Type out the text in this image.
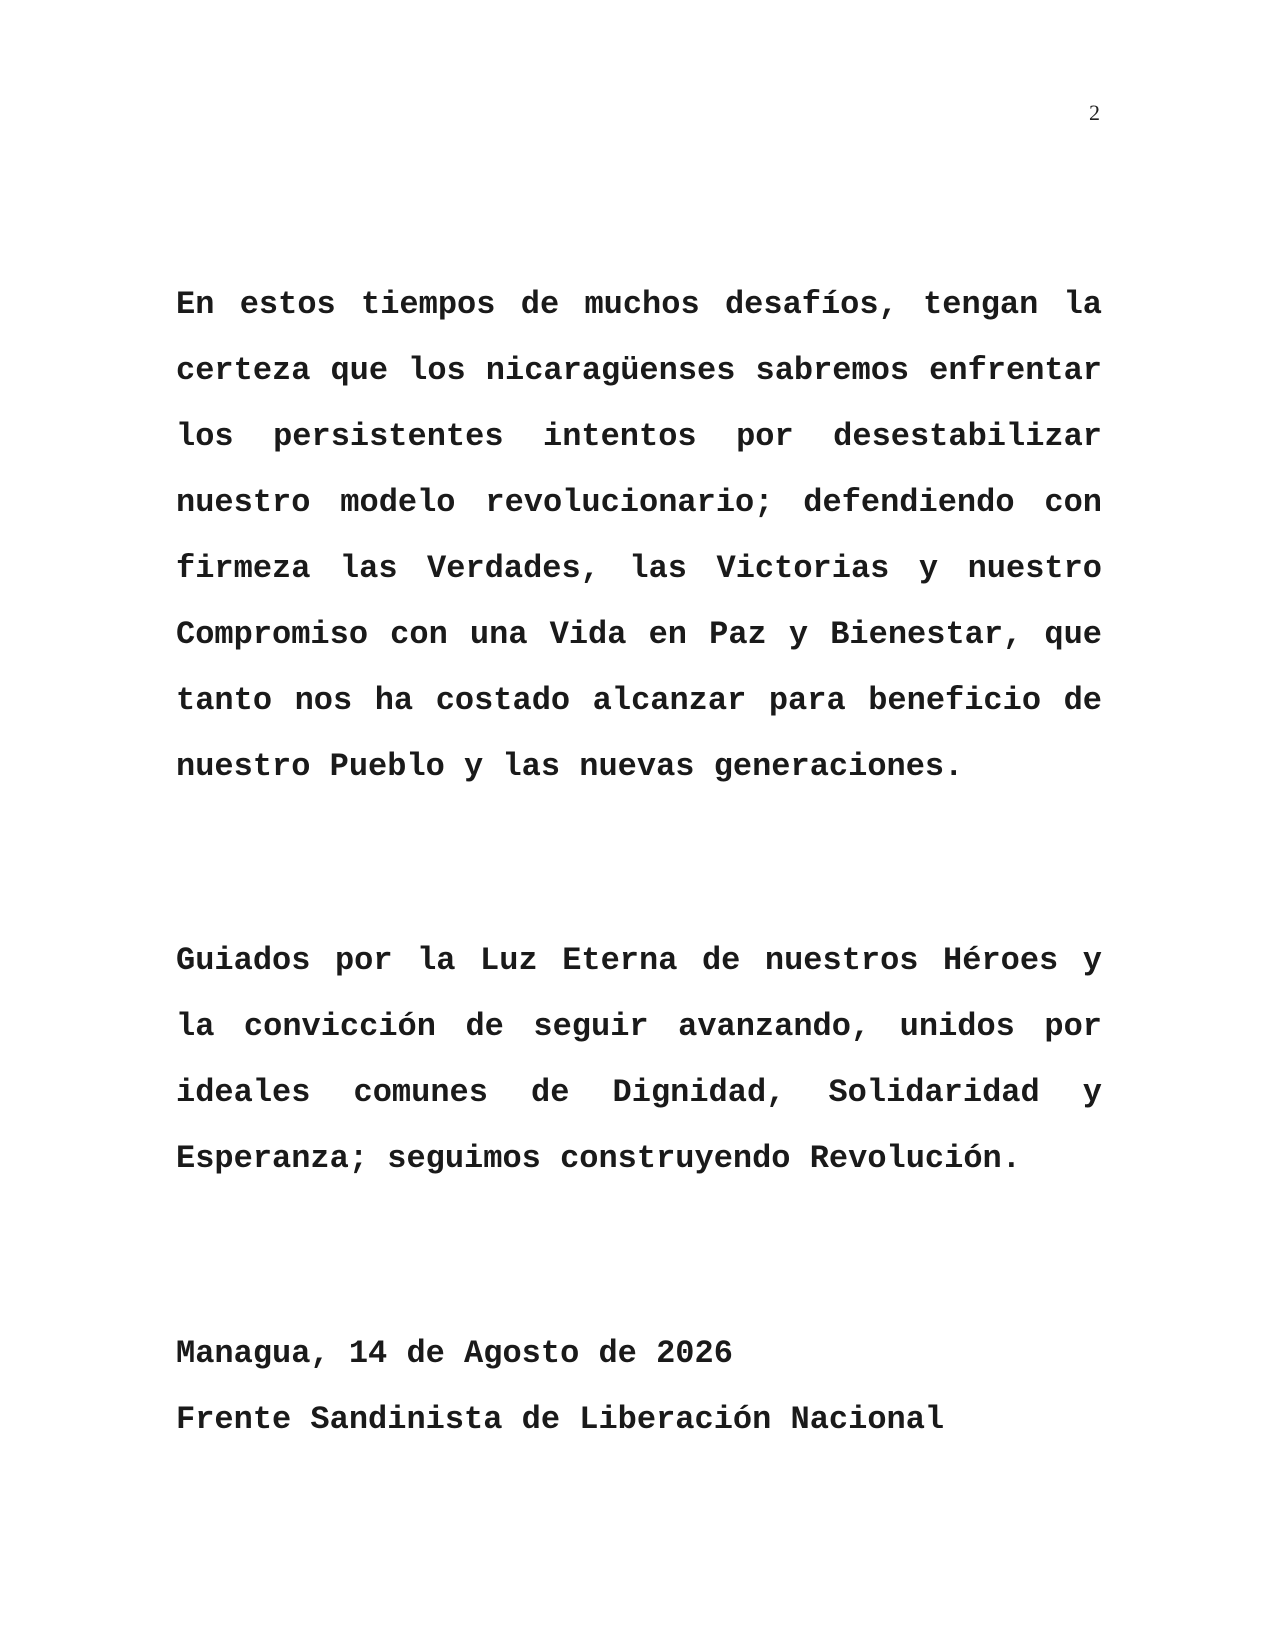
2

En estos tiempos de muchos desafíos, tengan la certeza que los nicaragüenses sabremos enfrentar los persistentes intentos por desestabilizar nuestro modelo revolucionario; defendiendo con firmeza las Verdades, las Victorias y nuestro Compromiso con una Vida en Paz y Bienestar, que tanto nos ha costado alcanzar para beneficio de nuestro Pueblo y las nuevas generaciones.

Guiados por la Luz Eterna de nuestros Héroes y la convicción de seguir avanzando, unidos por ideales comunes de Dignidad, Solidaridad y Esperanza; seguimos construyendo Revolución.

Managua, 14 de Agosto de 2026
Frente Sandinista de Liberación Nacional
